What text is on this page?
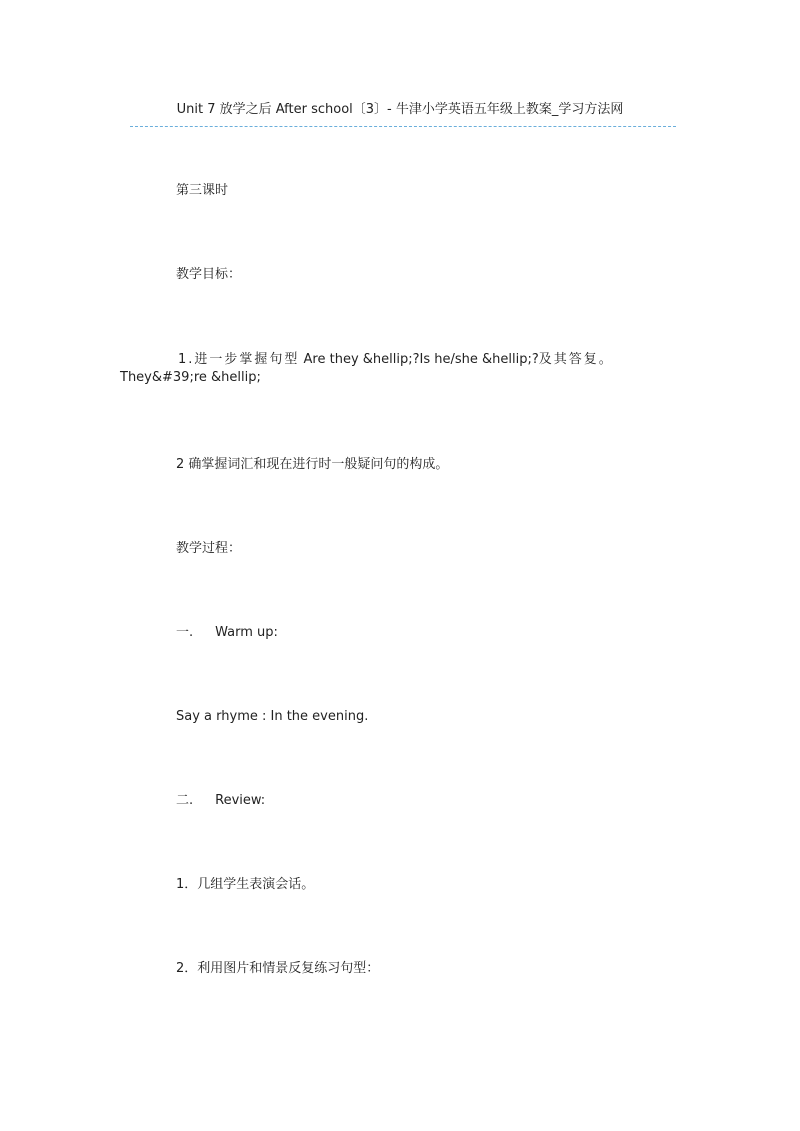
Unit 7 放学之后 After school〔3〕- 牛津小学英语五年级上教案_学习方法网
第三课时
教学目标：
1.进一步掌握句型 Are they &hellip;?Is he/she &hellip;?及其答复。They&#39;re &hellip;
2 确掌握词汇和现在进行时一般疑问句的构成。
教学过程：
一. Warm up:
Say a rhyme : In the evening.
二. Review:
1．几组学生表演会话。
2．利用图片和情景反复练习句型：
